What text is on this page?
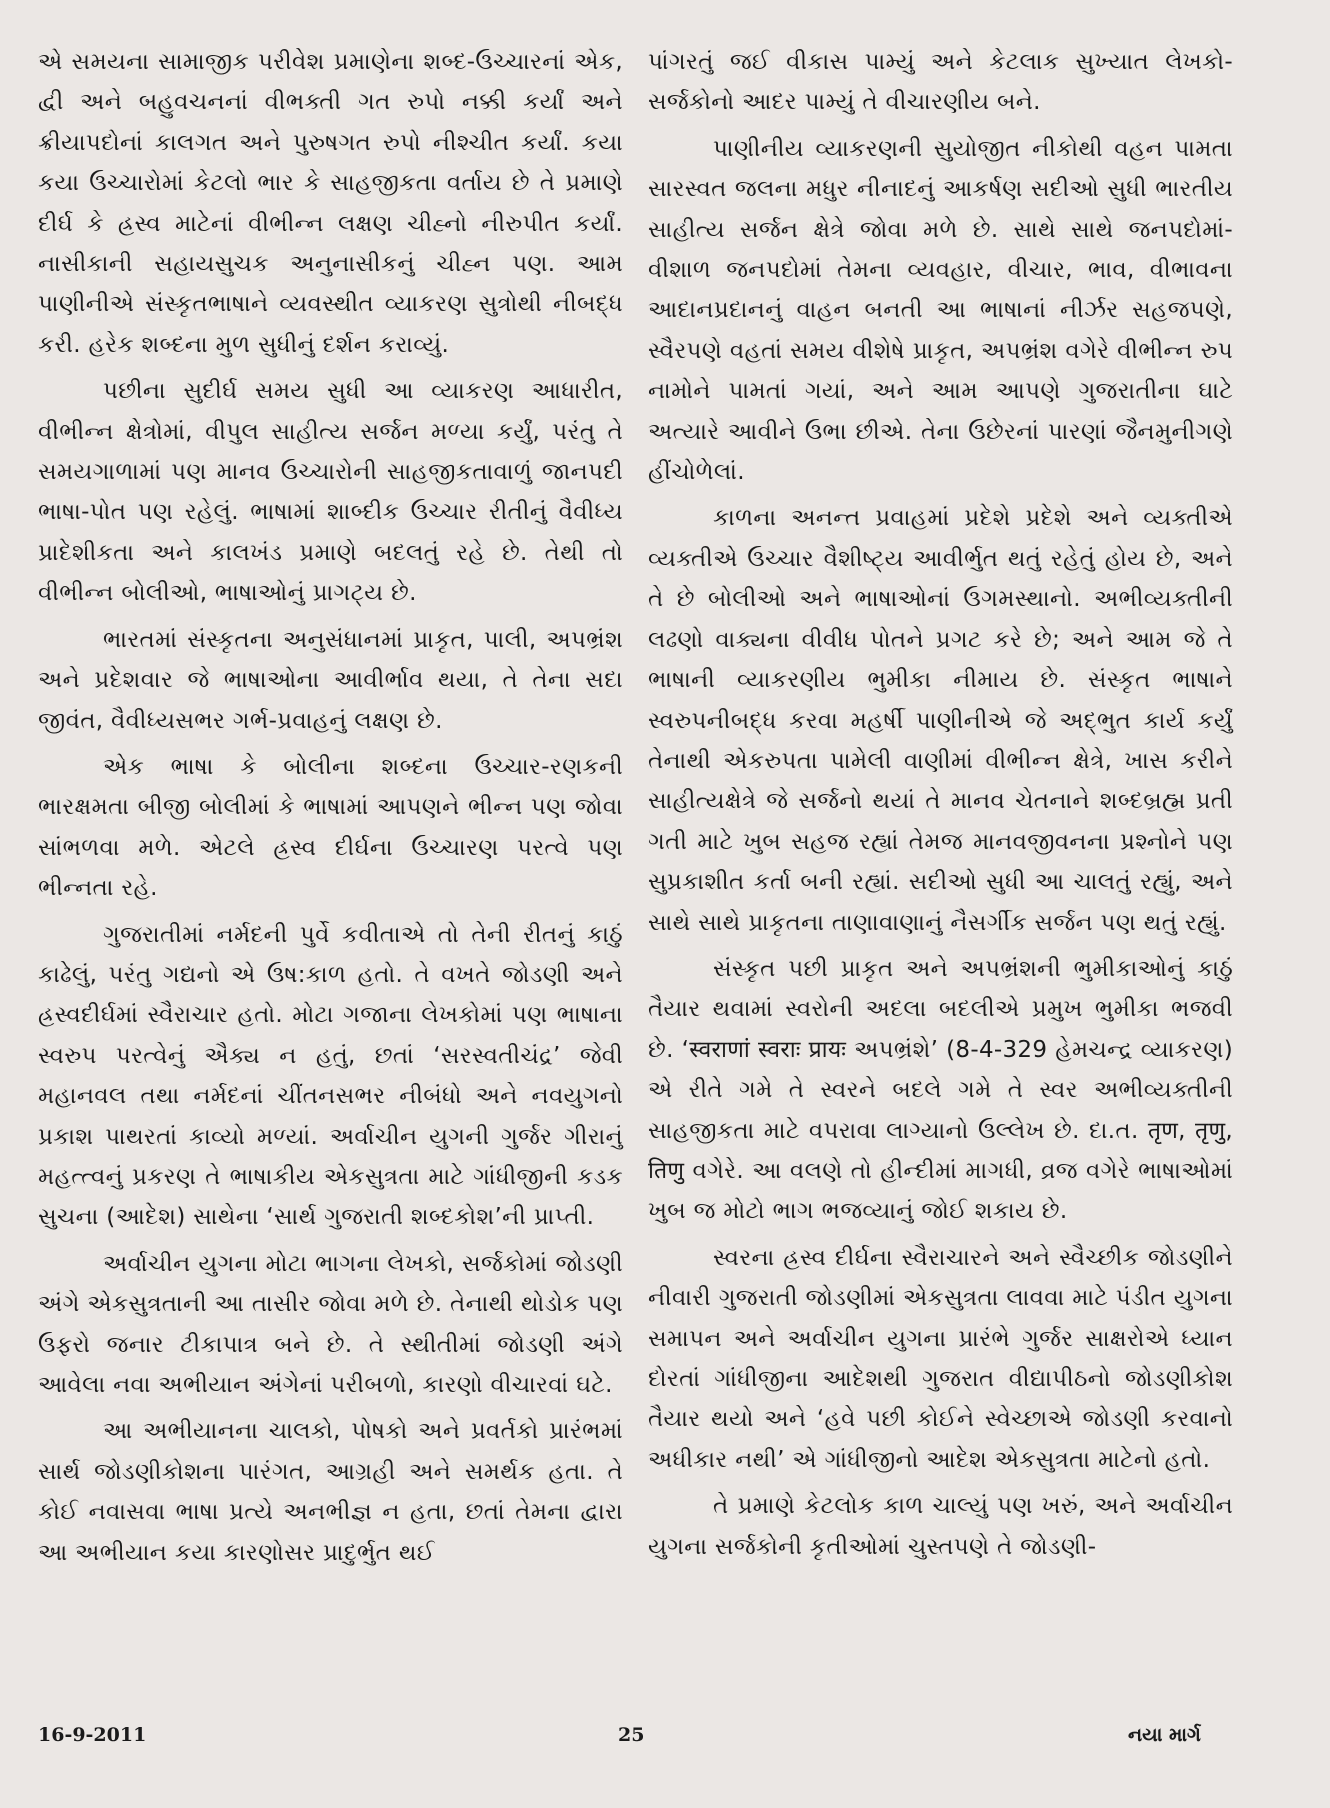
એ સમયના સામાજીક પરીવેશ પ્રમાણેના શબ્દ-ઉચ્ચારનાં એક, દ્વી અને બહુવચનનાં વીભક્તી ગત રુપો નક્કી કર્યાં અને ક્રીયાપદોનાં કાલગત અને પુરુષગત રુપો નીશ્ચીત કર્યાં. કયા કયા ઉચ્ચારોમાં કેટલો ભાર કે સાહજીકતા વર્તાય છે તે પ્રમાણે દીર્ઘ કે હ્રસ્વ માટેનાં વીભીન્ન લક્ષણ ચીહ્નો નીરુપીત કર્યાં. નાસીકાની સહાયસુચક અનુનાસીકનું ચીહ્ન પણ. આમ પાણીનીએ સંસ્કૃતભાષાને વ્યવસ્થીત વ્યાકરણ સુત્રોથી નીબદ્ધ કરી. હરેક શબ્દના મુળ સુધીનું દર્શન કરાવ્યું.

પછીના સુદીર્ઘ સમય સુધી આ વ્યાકરણ આધારીત, વીભીન્ન ક્ષેત્રોમાં, વીપુલ સાહીત્ય સર્જન મળ્યા કર્યું, પરંતુ તે સમયગાળામાં પણ માનવ ઉચ્ચારોની સાહજીકતાવાળું જાનપદી ભાષા-પોત પણ રહેલું. ભાષામાં શાબ્દીક ઉચ્ચાર રીતીનું વૈવીધ્ય પ્રાદેશીકતા અને કાલખંડ પ્રમાણે બદલતું રહે છે. તેથી તો વીભીન્ન બોલીઓ, ભાષાઓનું પ્રાગટ્ય છે.

ભારતમાં સંસ્કૃતના અનુસંધાનમાં પ્રાકૃત, પાલી, અપભ્રંશ અને પ્રદેશવાર જે ભાષાઓના આવીર્ભાવ થયા, તે તેના સદા જીવંત, વૈવીધ્યસભર ગર્ભ-પ્રવાહનું લક્ષણ છે.

એક ભાષા કે બોલીના શબ્દના ઉચ્ચાર-રણકની ભારક્ષમતા બીજી બોલીમાં કે ભાષામાં આપણને ભીન્ન પણ જોવા સાંભળવા મળે. એટલે હ્રસ્વ દીર્ઘના ઉચ્ચારણ પરત્વે પણ ભીન્નતા રહે.

ગુજરાતીમાં નર્મદની પુર્વે કવીતાએ તો તેની રીતનું કાઠું કાઢેલું, પરંતુ ગદ્યનો એ ઉષ:કાળ હતો. તે વખતે જોડણી અને હ્રસ્વદીર્ઘમાં સ્વૈરાચાર હતો. મોટા ગજાના લેખકોમાં પણ ભાષાના સ્વરુપ પરત્વેનું ઐક્ય ન હતું, છતાં ‘સરસ્વતીચંદ્ર’ જેવી મહાનવલ તથા નર્મદનાં ચીંતનસભર નીબંધો અને નવયુગનો પ્રકાશ પાથરતાં કાવ્યો મળ્યાં. અર્વાચીન યુગની ગુર્જર ગીરાનું મહત્ત્વનું પ્રકરણ તે ભાષાકીય એકસુત્રતા માટે ગાંધીજીની કડક સુચના (આદેશ) સાથેના ‘સાર્થ ગુજરાતી શબ્દકોશ’ની પ્રાપ્તી.

અર્વાચીન યુગના મોટા ભાગના લેખકો, સર્જકોમાં જોડણી અંગે એકસુત્રતાની આ તાસીર જોવા મળે છે. તેનાથી થોડોક પણ ઉફરો જનાર ટીકાપાત્ર બને છે. તે સ્થીતીમાં જોડણી અંગે આવેલા નવા અભીયાન અંગેનાં પરીબળો, કારણો વીચારવાં ઘટે.

આ અભીયાનના ચાલકો, પોષકો અને પ્રવર્તકો પ્રારંભમાં સાર્થ જોડણીકોશના પારંગત, આગ્રહી અને સમર્થક હતા. તે કોઈ નવાસવા ભાષા પ્રત્યે અનભીજ્ઞ ન હતા, છતાં તેમના દ્વારા આ અભીયાન કયા કારણોસર પ્રાદુર્ભુત થઈ

પાંગરતું જઈ વીકાસ પામ્યું અને કેટલાક સુખ્યાત લેખકો-સર્જકોનો આદર પામ્યું તે વીચારણીય બને.

પાણીનીય વ્યાકરણની સુયોજીત નીકોથી વહન પામતા સારસ્વત જલના મધુર નીનાદનું આકર્ષણ સદીઓ સુધી ભારતીય સાહીત્ય સર્જન ક્ષેત્રે જોવા મળે છે. સાથે સાથે જનપદોમાં-વીશાળ જનપદોમાં તેમના વ્યવહાર, વીચાર, ભાવ, વીભાવના આદાનપ્રદાનનું વાહન બનતી આ ભાષાનાં નીર્ઝર સહજપણે, સ્વૈરપણે વહતાં સમય વીશેષે પ્રાકૃત, અપભ્રંશ વગેરે વીભીન્ન રુપ નામોને પામતાં ગયાં, અને આમ આપણે ગુજરાતીના ઘાટે અત્યારે આવીને ઉભા છીએ. તેના ઉછેરનાં પારણાં જૈનમુનીગણે હીંચોળેલાં.

કાળના અનન્ત પ્રવાહમાં પ્રદેશે પ્રદેશે અને વ્યક્તીએ વ્યક્તીએ ઉચ્ચાર વૈશીષ્ટ્ય આવીર્ભુત થતું રહેતું હોય છે, અને તે છે બોલીઓ અને ભાષાઓનાં ઉગમસ્થાનો. અભીવ્યક્તીની લઢણો વાક્યના વીવીધ પોતને પ્રગટ કરે છે; અને આમ જે તે ભાષાની વ્યાકરણીય ભુમીકા નીમાય છે. સંસ્કૃત ભાષાને સ્વરુપનીબદ્ધ કરવા મહર્ષી પાણીનીએ જે અદ્‌ભુત કાર્ય કર્યું તેનાથી એકરુપતા પામેલી વાણીમાં વીભીન્ન ક્ષેત્રે, ખાસ કરીને સાહીત્યક્ષેત્રે જે સર્જનો થયાં તે માનવ ચેતનાને શબ્દબ્રહ્મ પ્રતી ગતી માટે ખુબ સહજ રહ્યાં તેમજ માનવજીવનના પ્રશ્નોને પણ સુપ્રકાશીત કર્તા બની રહ્યાં. સદીઓ સુધી આ ચાલતું રહ્યું, અને સાથે સાથે પ્રાકૃતના તાણાવાણાનું નૈસર્ગીક સર્જન પણ થતું રહ્યું.

સંસ્કૃત પછી પ્રાકૃત અને અપભ્રંશની ભુમીકાઓનું કાઠું તૈયાર થવામાં સ્વરોની અદલા બદલીએ પ્રમુખ ભુમીકા ભજવી છે. ‘स्वराणां स्वराः प्रायः અપભ્રંશે’ (8-4-329 હેમચન્દ્ર વ્યાકરણ) એ રીતે ગમે તે સ્વરને બદલે ગમે તે સ્વર અભીવ્યક્તીની સાહજીકતા માટે વપરાવા લાગ્યાનો ઉલ્લેખ છે. દા.ત. तृण, तृणु, तिणु વગેરે. આ વલણે તો હીન્દીમાં માગધી, વ્રજ વગેરે ભાષાઓમાં ખુબ જ મોટો ભાગ ભજવ્યાનું જોઈ શકાય છે.

સ્વરના હ્રસ્વ દીર્ઘના સ્વૈરાચારને અને સ્વૈચ્છીક જોડણીને નીવારી ગુજરાતી જોડણીમાં એકસુત્રતા લાવવા માટે પંડીત યુગના સમાપન અને અર્વાચીન યુગના પ્રારંભે ગુર્જર સાક્ષરોએ ધ્યાન દોરતાં ગાંધીજીના આદેશથી ગુજરાત વીદ્યાપીઠનો જોડણીકોશ તૈયાર થયો અને ‘હવે પછી કોઈને સ્વેચ્છાએ જોડણી કરવાનો અધીકાર નથી’ એ ગાંધીજીનો આદેશ એકસુત્રતા માટેનો હતો.

તે પ્રમાણે કેટલોક કાળ ચાલ્યું પણ ખરું, અને અર્વાચીન યુગના સર્જકોની કૃતીઓમાં ચુસ્તપણે તે જોડણી-

16-9-2011	25	નયા માર્ગ
